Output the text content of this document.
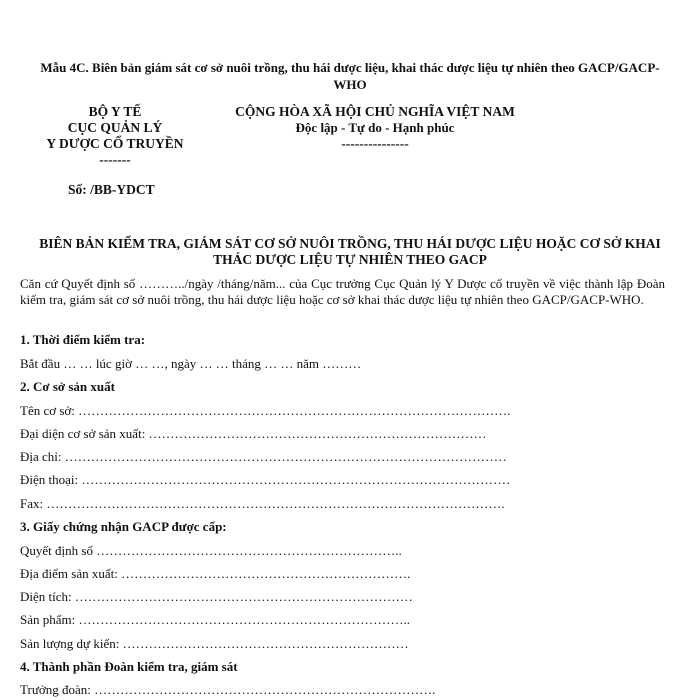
Mẫu 4C. Biên bản giám sát cơ sở nuôi trồng, thu hái dược liệu, khai thác dược liệu tự nhiên theo GACP/GACP-WHO
BỘ Y TẾ
CỤC QUẢN LÝ
Y DƯỢC CỔ TRUYỀN
-------
CỘNG HÒA XÃ HỘI CHỦ NGHĨA VIỆT NAM
Độc lập - Tự do - Hạnh phúc
---------------
Số: /BB-YDCT
BIÊN BẢN KIỂM TRA, GIÁM SÁT CƠ SỞ NUÔI TRỒNG, THU HÁI DƯỢC LIỆU HOẶC CƠ SỞ KHAI THÁC DƯỢC LIỆU TỰ NHIÊN THEO GACP
Căn cứ Quyết định số ………../ngày /tháng/năm... của Cục trưởng Cục Quản lý Y Dược cổ truyền về việc thành lập Đoàn kiểm tra, giám sát cơ sở nuôi trồng, thu hái dược liệu hoặc cơ sở khai thác dược liệu tự nhiên theo GACP/GACP-WHO.
1. Thời điểm kiểm tra:
Bắt đầu … … lúc giờ … …, ngày … … tháng … … năm ………
2. Cơ sở sản xuất
Tên cơ sở: ……………………………………………………………………………………….
Đại diện cơ sở sản xuất: ……………………………………………………………………
Địa chỉ: …………………………………………………………………………………………
Điện thoại: ………………………………………………………………………………………
Fax: …………………………………………………………………………………………….
3. Giấy chứng nhận GACP được cấp:
Quyết định số ……………………………………………………………..
Địa điểm sản xuất: ………………………………………………………….
Diện tích: ……………………………………………………………………
Sản phẩm: …………………………………………………………………..
Sản lượng dự kiến: …………………………………………………………
4. Thành phần Đoàn kiểm tra, giám sát
Trưởng đoàn: …………………………………………………………………….
